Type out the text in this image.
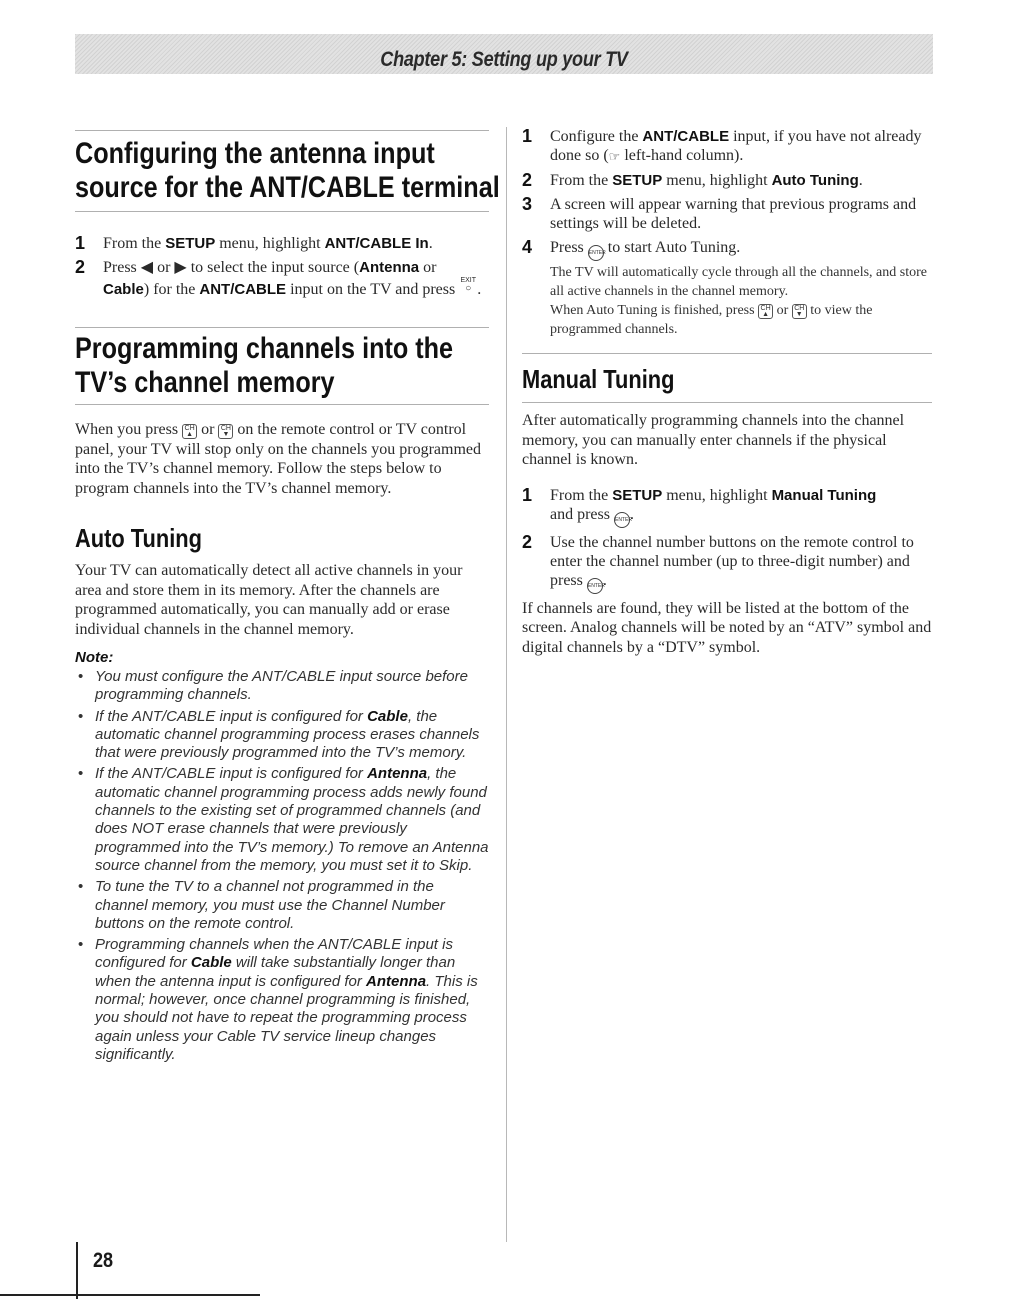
Chapter 5: Setting up your TV
Configuring the antenna input
source for the ANT/CABLE terminal
1	From the SETUP menu, highlight ANT/CABLE In.
2	Press ◀ or ▶ to select the input source (Antenna or
Cable) for the ANT/CABLE input on the TV and press EXIT
○ .
Programming channels into the
TV’s channel memory

When you press CH
▲ or CH
▼ on the remote control or TV control panel, your TV will stop only on the channels you programmed into the TV’s channel memory. Follow the steps below to program channels into the TV’s channel memory.

Auto Tuning

Your TV can automatically detect all active channels in your area and store them in its memory. After the channels are programmed automatically, you can manually add or erase individual channels in the channel memory.

Note:
• You must configure the ANT/CABLE input source before programming channels.
• If the ANT/CABLE input is configured for Cable, the automatic channel programming process erases channels that were previously programmed into the TV’s memory.
• If the ANT/CABLE input is configured for Antenna, the automatic channel programming process adds newly found channels to the existing set of programmed channels (and does NOT erase channels that were previously programmed into the TV’s memory.) To remove an Antenna source channel from the memory, you must set it to Skip.
• To tune the TV to a channel not programmed in the channel memory, you must use the Channel Number buttons on the remote control.
• Programming channels when the ANT/CABLE input is configured for Cable will take substantially longer than when the antenna input is configured for Antenna. This is normal; however, once channel programming is finished, you should not have to repeat the programming process again unless your Cable TV service lineup changes significantly.
1	Configure the ANT/CABLE input, if you have not already done so (☞ left-hand column).
2	From the SETUP menu, highlight Auto Tuning.
3	A screen will appear warning that previous programs and settings will be deleted.
4	Press ENTER to start Auto Tuning.

The TV will automatically cycle through all the channels, and store all active channels in the channel memory.

When Auto Tuning is finished, press CH
▲ or CH
▼ to view the programmed channels.

Manual Tuning

After automatically programming channels into the channel memory, you can manually enter channels if the physical channel is known.

1	From the SETUP menu, highlight Manual Tuning
and press ENTER.
2	Use the channel number buttons on the remote control to enter the channel number (up to three-digit number) and press ENTER.

If channels are found, they will be listed at the bottom of the screen. Analog channels will be noted by an “ATV” symbol and digital channels by a “DTV” symbol.

28
